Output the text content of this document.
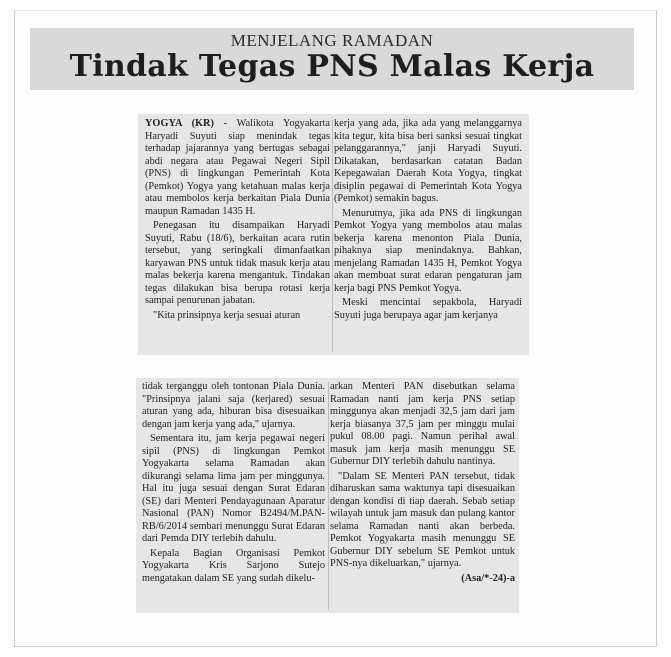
MENJELANG RAMADAN
Tindak Tegas PNS Malas Kerja

YOGYA (KR) - Walikota Yogyakarta Haryadi Suyuti siap menindak tegas terhadap jajarannya yang bertugas sebagai abdi negara atau Pegawai Negeri Sipil (PNS) di lingkungan Pemerintah Kota (Pemkot) Yogya yang ketahuan malas kerja atau membolos kerja berkaitan Piala Dunia maupun Ramadan 1435 H.

Penegasan itu disampaikan Haryadi Suyuti, Rabu (18/6), berkaitan acara rutin tersebut, yang seringkali dimanfaatkan karyawan PNS untuk tidak masuk kerja atau malas bekerja karena mengantuk. Tindakan tegas dilakukan bisa berupa rotasi kerja sampai penurunan jabatan.

"Kita prinsipnya kerja sesuai aturan

kerja yang ada, jika ada yang melanggarnya kita tegur, kita bisa beri sanksi sesuai tingkat pelanggarannya," janji Haryadi Suyuti. Dikatakan, berdasarkan catatan Badan Kepegawaian Daerah Kota Yogya, tingkat disiplin pegawai di Pemerintah Kota Yogya (Pemkot) semakin bagus.

Menurutnya, jika ada PNS di lingkungan Pemkot Yogya yang membolos atau malas bekerja karena menonton Piala Dunia, pihaknya siap menindaknya. Bahkan, menjelang Ramadan 1435 H, Pemkot Yogya akan membuat surat edaran pengaturan jam kerja bagi PNS Pemkot Yogya.

Meski mencintai sepakbola, Haryadi Suyuti juga berupaya agar jam kerjanya

tidak terganggu oleh tontonan Piala Dunia. "Prinsipnya jalani saja (kerjared) sesuai aturan yang ada, hiburan bisa disesuaikan dengan jam kerja yang ada," ujarnya.

Sementara itu, jam kerja pegawai negeri sipil (PNS) di lingkungan Pemkot Yogyakarta selama Ramadan akan dikurangi selama lima jam per minggunya. Hal itu juga sesuai dengan Surat Edaran (SE) dari Menteri Pendayagunaan Aparatur Nasional (PAN) Nomor B2494/M.PAN-RB/6/2014 sembari menunggu Surat Edaran dari Pemda DIY terlebih dahulu.

Kepala Bagian Organisasi Pemkot Yogyakarta Kris Sarjono Sutejo mengatakan dalam SE yang sudah dikelu-

arkan Menteri PAN disebutkan selama Ramadan nanti jam kerja PNS setiap minggunya akan menjadi 32,5 jam dari jam kerja biasanya 37,5 jam per minggu mulai pukul 08.00 pagi. Namun perihal awal masuk jam kerja masih menunggu SE Gubernur DIY terlebih dahulu nantinya.

"Dalam SE Menteri PAN tersebut, tidak diharuskan sama waktunya tapi disesuaikan dengan kondisi di tiap daerah. Sebab setiap wilayah untuk jam masuk dan pulang kantor selama Ramadan nanti akan berbeda. Pemkot Yogyakarta masih menunggu SE Gubernur DIY sebelum SE Pemkot untuk PNS-nya dikeluarkan," ujarnya.

(Asa/*-24)-a
